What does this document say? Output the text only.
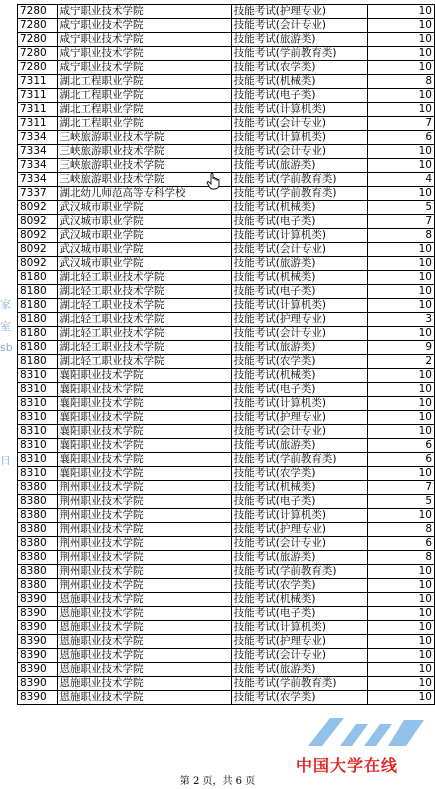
7280	咸宁职业技术学院	技能考试(护理专业)	10
7280	咸宁职业技术学院	技能考试(会计专业)	10
7280	咸宁职业技术学院	技能考试(旅游类)	10
7280	咸宁职业技术学院	技能考试(学前教育类)	10
7280	咸宁职业技术学院	技能考试(农学类)	10
7311	湖北工程职业学院	技能考试(机械类)	8
7311	湖北工程职业学院	技能考试(电子类)	10
7311	湖北工程职业学院	技能考试(计算机类)	10
7311	湖北工程职业学院	技能考试(会计专业)	7
7334	三峡旅游职业技术学院	技能考试(计算机类)	6
7334	三峡旅游职业技术学院	技能考试(会计专业)	10
7334	三峡旅游职业技术学院	技能考试(旅游类)	10
7334	三峡旅游职业技术学院	技能考试(学前教育类)	4
7337	湖北幼儿师范高等专科学校	技能考试(学前教育类)	10
8092	武汉城市职业学院	技能考试(机械类)	5
8092	武汉城市职业学院	技能考试(电子类)	7
8092	武汉城市职业学院	技能考试(计算机类)	8
8092	武汉城市职业学院	技能考试(会计专业)	10
8092	武汉城市职业学院	技能考试(旅游类)	10
8180	湖北轻工职业技术学院	技能考试(机械类)	10
8180	湖北轻工职业技术学院	技能考试(电子类)	10
8180	湖北轻工职业技术学院	技能考试(计算机类)	10
8180	湖北轻工职业技术学院	技能考试(护理专业)	3
8180	湖北轻工职业技术学院	技能考试(会计专业)	10
8180	湖北轻工职业技术学院	技能考试(旅游类)	9
8180	湖北轻工职业技术学院	技能考试(农学类)	2
8310	襄阳职业技术学院	技能考试(机械类)	10
8310	襄阳职业技术学院	技能考试(电子类)	10
8310	襄阳职业技术学院	技能考试(计算机类)	10
8310	襄阳职业技术学院	技能考试(护理专业)	10
8310	襄阳职业技术学院	技能考试(会计专业)	10
8310	襄阳职业技术学院	技能考试(旅游类)	6
8310	襄阳职业技术学院	技能考试(学前教育类)	6
8310	襄阳职业技术学院	技能考试(农学类)	10
8380	荆州职业技术学院	技能考试(机械类)	7
8380	荆州职业技术学院	技能考试(电子类)	5
8380	荆州职业技术学院	技能考试(计算机类)	10
8380	荆州职业技术学院	技能考试(护理专业)	8
8380	荆州职业技术学院	技能考试(会计专业)	6
8380	荆州职业技术学院	技能考试(旅游类)	8
8380	荆州职业技术学院	技能考试(学前教育类)	10
8380	荆州职业技术学院	技能考试(农学类)	10
8390	恩施职业技术学院	技能考试(机械类)	10
8390	恩施职业技术学院	技能考试(电子类)	10
8390	恩施职业技术学院	技能考试(计算机类)	10
8390	恩施职业技术学院	技能考试(护理专业)	10
8390	恩施职业技术学院	技能考试(会计专业)	10
8390	恩施职业技术学院	技能考试(旅游类)	10
8390	恩施职业技术学院	技能考试(学前教育类)	10
8390	恩施职业技术学院	技能考试(农学类)	10
家
室
sb
日
中国大学在线
第 2 页，共 6 页
